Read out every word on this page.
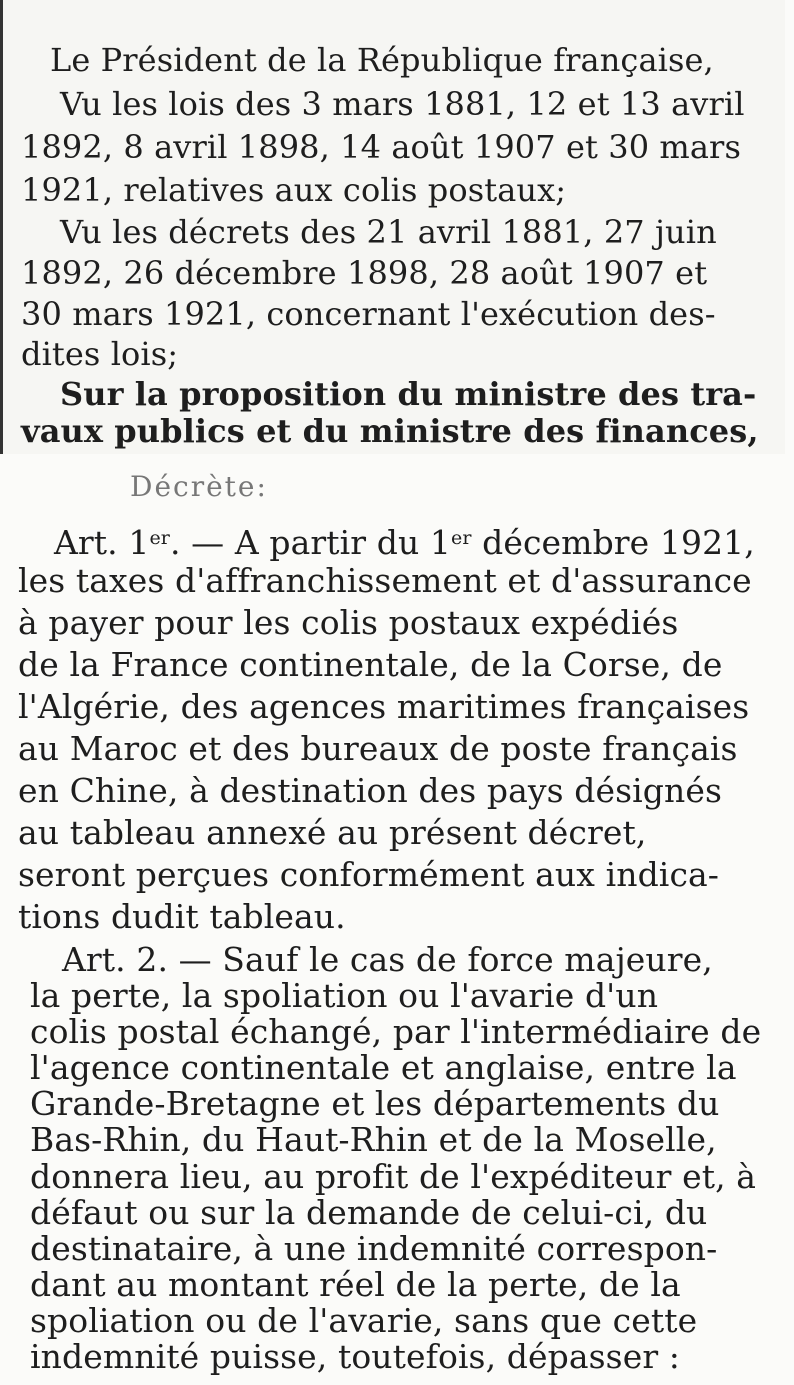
Le Président de la République française,
Vu les lois des 3 mars 1881, 12 et 13 avril
1892, 8 avril 1898, 14 août 1907 et 30 mars
1921, relatives aux colis postaux;
Vu les décrets des 21 avril 1881, 27 juin
1892, 26 décembre 1898, 28 août 1907 et
30 mars 1921, concernant l'exécution des-
dites lois;
Sur la proposition du ministre des tra-
vaux publics et du ministre des finances,
Décrète:
Art. 1er. — A partir du 1er décembre 1921,
les taxes d'affranchissement et d'assurance
à payer pour les colis postaux expédiés
de la France continentale, de la Corse, de
l'Algérie, des agences maritimes françaises
au Maroc et des bureaux de poste français
en Chine, à destination des pays désignés
au tableau annexé au présent décret,
seront perçues conformément aux indica-
tions dudit tableau.
Art. 2. — Sauf le cas de force majeure,
la perte, la spoliation ou l'avarie d'un
colis postal échangé, par l'intermédiaire de
l'agence continentale et anglaise, entre la
Grande-Bretagne et les départements du
Bas-Rhin, du Haut-Rhin et de la Moselle,
donnera lieu, au profit de l'expéditeur et, à
défaut ou sur la demande de celui-ci, du
destinataire, à une indemnité correspon-
dant au montant réel de la perte, de la
spoliation ou de l'avarie, sans que cette
indemnité puisse, toutefois, dépasser :
